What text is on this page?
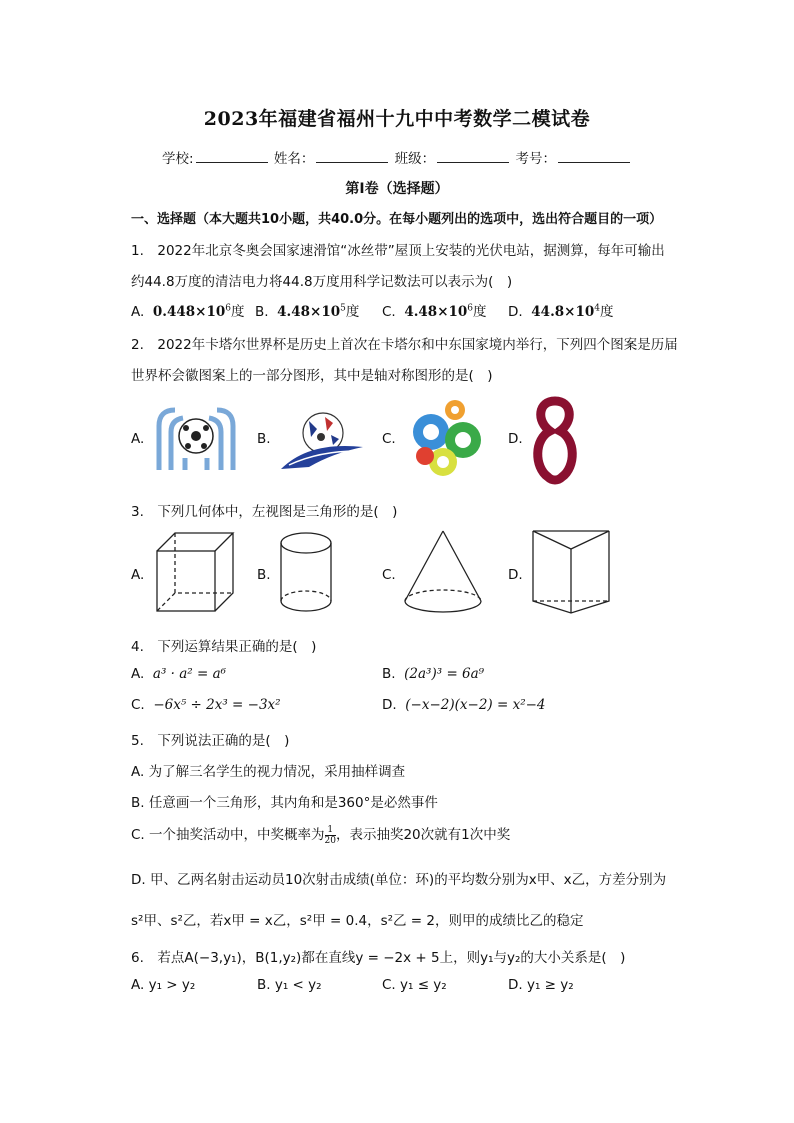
2023年福建省福州十九中中考数学二模试卷
学校:	姓名：	班级：	考号：
第Ⅰ卷（选择题）
一、选择题（本大题共10小题，共40.0分。在每小题列出的选项中，选出符合题目的一项）
1.　2022年北京冬奥会国家速滑馆“冰丝带”屋顶上安装的光伏电站，据测算，每年可输出
约44.8万度的清洁电力将44.8万度用科学记数法可以表示为(　)
A. $0.448\times 10^6$度 B. $4.48\times 10^5$度 C. $4.48\times 10^6$度 D. $44.8\times 10^4$度
2.　2022年卡塔尔世界杯是历史上首次在卡塔尔和中东国家境内举行，下列四个图案是历届
世界杯会徽图案上的一部分图形，其中是轴对称图形的是(　)
A.	B.	C.	D.
3.　下列几何体中，左视图是三角形的是(　)
A.	B.	C.	D.
4.　下列运算结果正确的是(　)
A. a³ · a² = a⁶	B. (2a³)³ = 6a⁹
C. −6x⁵ ÷ 2x³ = −3x²	D. (−x−2)(x−2) = x²−4
5.　下列说法正确的是(　)
A. 为了解三名学生的视力情况，采用抽样调查
B. 任意画一个三角形，其内角和是360°是必然事件
C. 一个抽奖活动中，中奖概率为 $\frac{1}{20}$ ，表示抽奖20次就有1次中奖
D. 甲、乙两名射击运动员10次射击成绩(单位：环)的平均数分别为x甲、x乙，方差分别为
s²甲、s²乙，若x甲 = x乙，s²甲 = 0.4，s²乙 = 2，则甲的成绩比乙的稳定
6.　若点A(−3,y₁)，B(1,y₂)都在直线y = −2x + 5上，则y₁与y₂的大小关系是(　)
A. y₁ > y₂	B. y₁ < y₂	C. y₁ ≤ y₂	D. y₁ ≥ y₂
